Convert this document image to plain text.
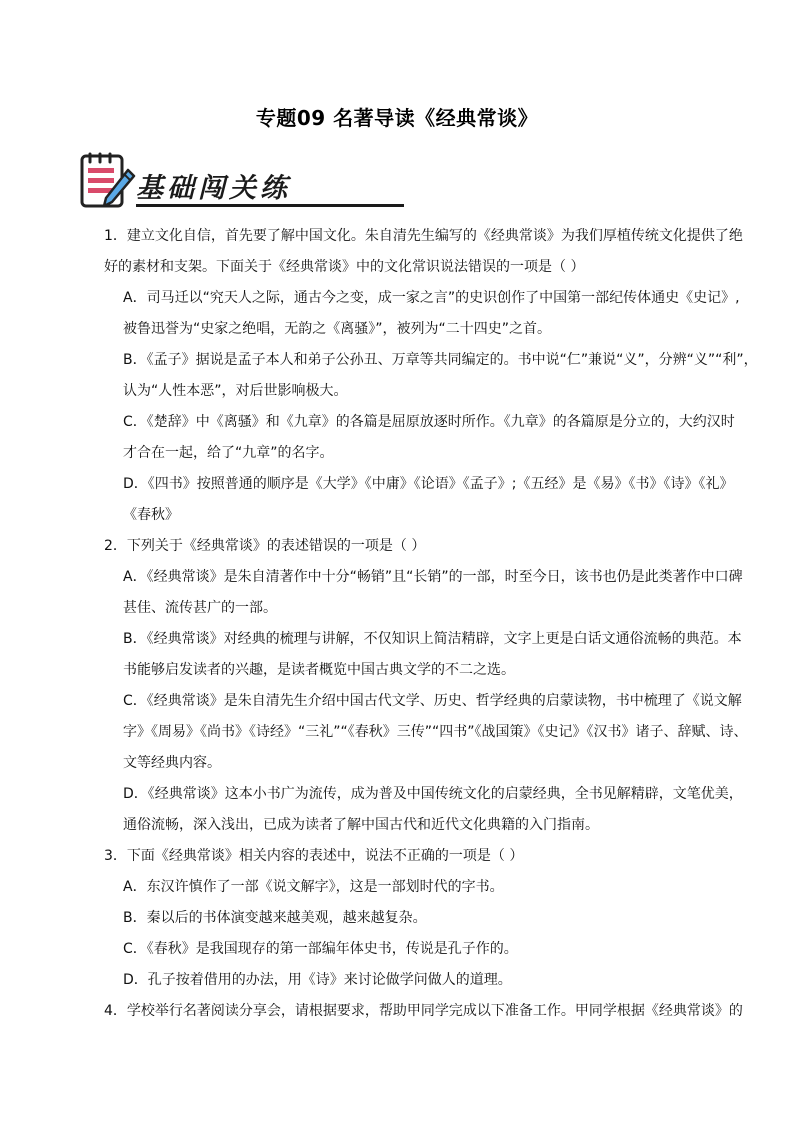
专题09 名著导读《经典常谈》
基础闯关练
1．建立文化自信，首先要了解中国文化。朱自清先生编写的《经典常谈》为我们厚植传统文化提供了绝
好的素材和支架。下面关于《经典常谈》中的文化常识说法错误的一项是（ ）
A．司马迁以“究天人之际，通古今之变，成一家之言”的史识创作了中国第一部纪传体通史《史记》,
被鲁迅誉为“史家之绝唱，无韵之《离骚》”，被列为“二十四史”之首。
B．《孟子》据说是孟子本人和弟子公孙丑、万章等共同编定的。书中说“仁”兼说“义”，分辨“义”“利”，
认为“人性本恶”，对后世影响极大。
C．《楚辞》中《离骚》和《九章》的各篇是屈原放逐时所作。《九章》的各篇原是分立的，大约汉时
才合在一起，给了“九章”的名字。
D．《四书》按照普通的顺序是《大学》《中庸》《论语》《孟子》;《五经》是《易》《书》《诗》《礼》
《春秋》
2．下列关于《经典常谈》的表述错误的一项是（ ）
A．《经典常谈》是朱自清著作中十分“畅销”且“长销”的一部，时至今日，该书也仍是此类著作中口碑
甚佳、流传甚广的一部。
B．《经典常谈》对经典的梳理与讲解，不仅知识上简洁精辟，文字上更是白话文通俗流畅的典范。本
书能够启发读者的兴趣，是读者概览中国古典文学的不二之选。
C．《经典常谈》是朱自清先生介绍中国古代文学、历史、哲学经典的启蒙读物，书中梳理了《说文解
字》《周易》《尚书》《诗经》“三礼”“《春秋》三传”“四书”《战国策》《史记》《汉书》诸子、辞赋、诗、
文等经典内容。
D．《经典常谈》这本小书广为流传，成为普及中国传统文化的启蒙经典，全书见解精辟，文笔优美，
通俗流畅，深入浅出，已成为读者了解中国古代和近代文化典籍的入门指南。
3．下面《经典常谈》相关内容的表述中，说法不正确的一项是（ ）
A．东汉许慎作了一部《说文解字》，这是一部划时代的字书。
B．秦以后的书体演变越来越美观，越来越复杂。
C．《春秋》是我国现存的第一部编年体史书，传说是孔子作的。
D．孔子按着借用的办法，用《诗》来讨论做学问做人的道理。
4．学校举行名著阅读分享会，请根据要求，帮助甲同学完成以下准备工作。甲同学根据《经典常谈》的
